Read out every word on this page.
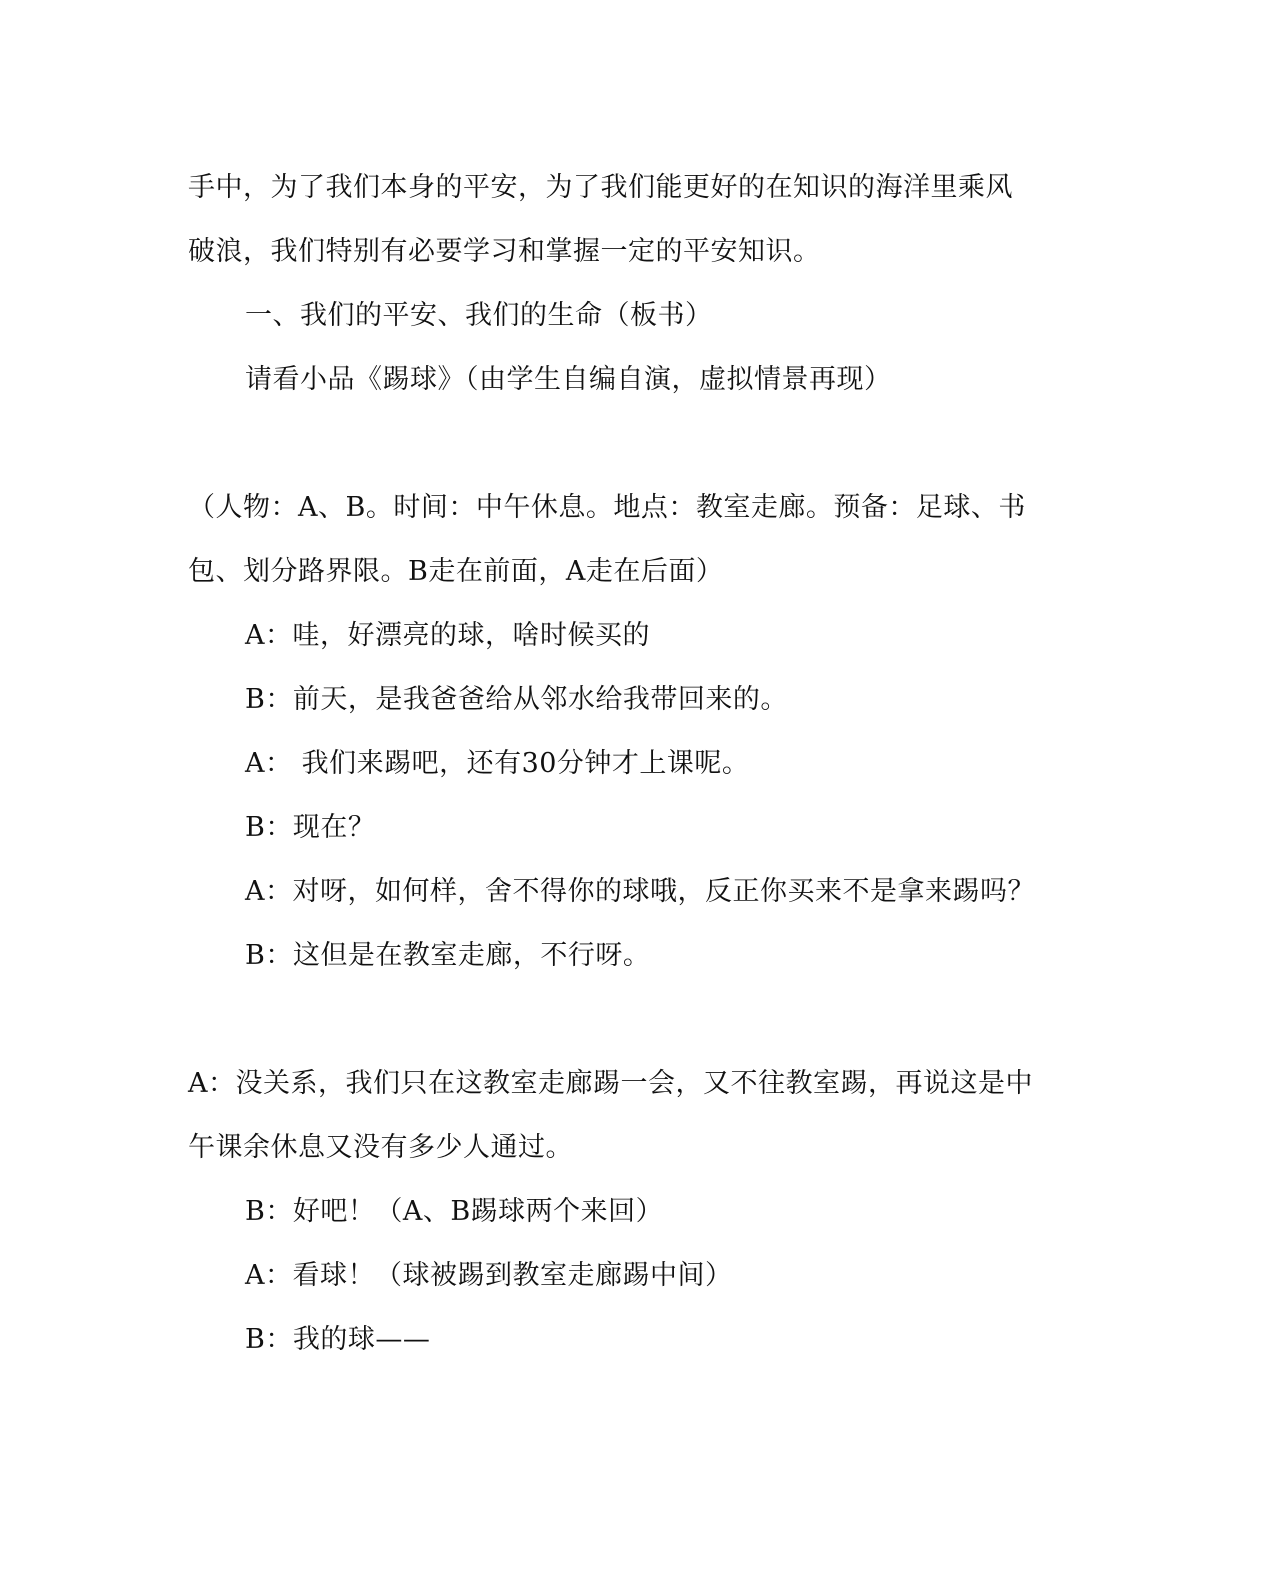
手中，为了我们本身的平安，为了我们能更好的在知识的海洋里乘风
破浪，我们特别有必要学习和掌握一定的平安知识。
一、我们的平安、我们的生命（板书）
请看小品《踢球》（由学生自编自演，虚拟情景再现）
（人物：A、B。时间：中午休息。地点：教室走廊。预备：足球、书
包、划分路界限。B走在前面，A走在后面）
A：哇，好漂亮的球，啥时候买的
B：前天，是我爸爸给从邻水给我带回来的。
A： 我们来踢吧，还有30分钟才上课呢。
B：现在？
A：对呀，如何样，舍不得你的球哦，反正你买来不是拿来踢吗？
B：这但是在教室走廊，不行呀。
A：没关系，我们只在这教室走廊踢一会，又不往教室踢，再说这是中
午课余休息又没有多少人通过。
B：好吧！（A、B踢球两个来回）
A：看球！（球被踢到教室走廊踢中间）
B：我的球——
